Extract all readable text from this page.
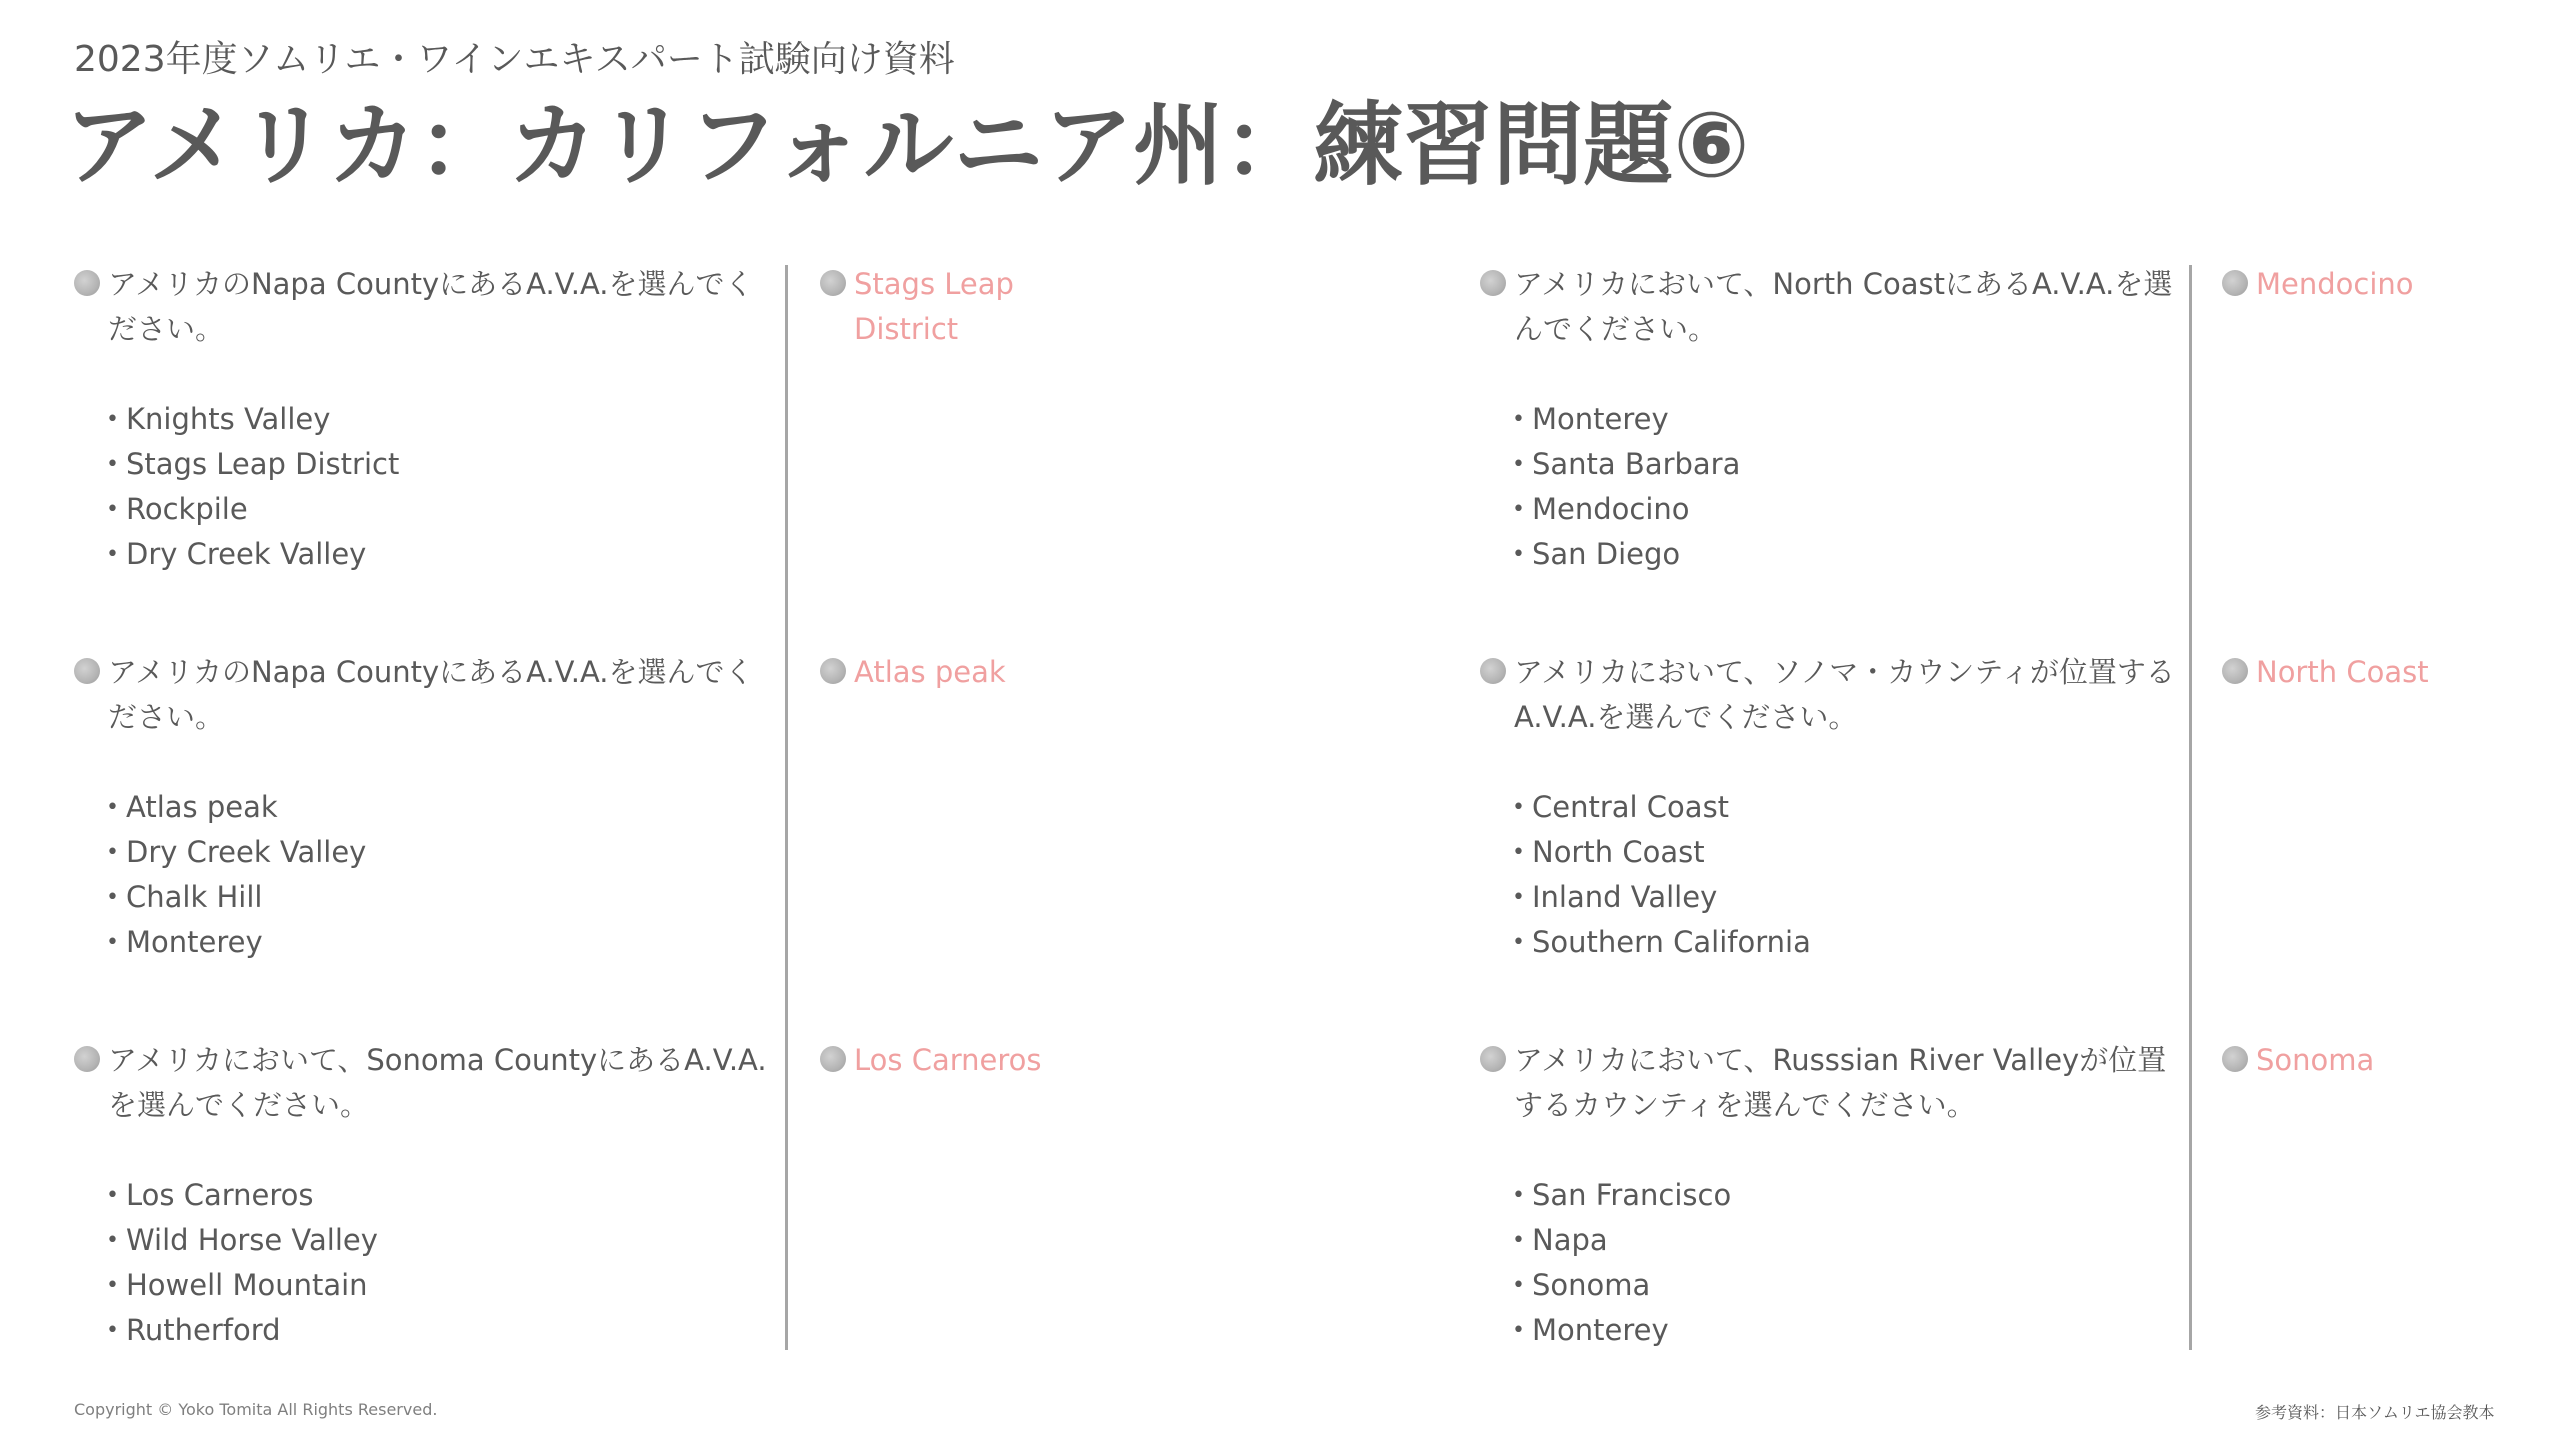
2023年度ソムリエ・ワインエキスパート試験向け資料
アメリカ：カリフォルニア州：練習問題⑥
アメリカのNapa CountyにあるA.V.A.を選んでください。
• Knights Valley
• Stags Leap District
• Rockpile
• Dry Creek Valley
Stags Leap District
アメリカのNapa CountyにあるA.V.A.を選んでください。
• Atlas peak
• Dry Creek Valley
• Chalk Hill
• Monterey
Atlas peak
アメリカにおいて、Sonoma CountyにあるA.V.A.を選んでください。
• Los Carneros
• Wild Horse Valley
• Howell Mountain
• Rutherford
Los Carneros
アメリカにおいて、North CoastにあるA.V.A.を選んでください。
• Monterey
• Santa Barbara
• Mendocino
• San Diego
Mendocino
アメリカにおいて、ソノマ・カウンティが位置するA.V.A.を選んでください。
• Central Coast
• North Coast
• Inland Valley
• Southern California
North Coast
アメリカにおいて、Russsian River Valleyが位置するカウンティを選んでください。
• San Francisco
• Napa
• Sonoma
• Monterey
Sonoma
Copyright © Yoko Tomita All Rights Reserved.	参考資料：日本ソムリエ協会教本
